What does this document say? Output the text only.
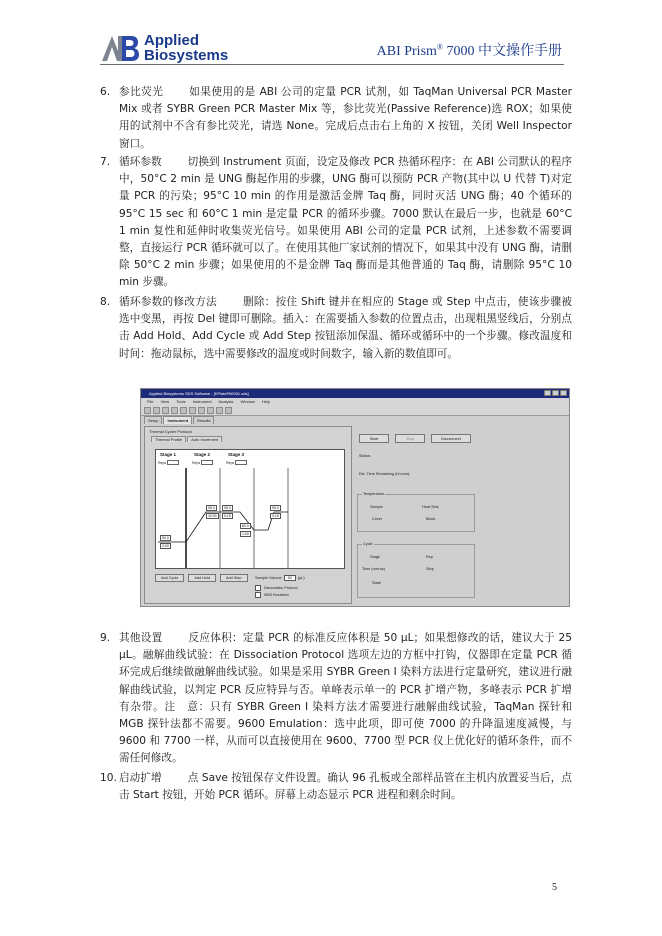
Applied
Biosystems	ABI Prism® 7000 中文操作手册
6. 参比荧光 如果使用的是 ABI 公司的定量 PCR 试剂，如 TaqMan Universal PCR Master Mix 或者 SYBR Green PCR Master Mix 等，参比荧光(Passive Reference)选 ROX；如果使用的试剂中不含有参比荧光，请选 None。完成后点击右上角的 X 按钮，关闭 Well Inspector 窗口。
7. 循环参数 切换到 Instrument 页面，设定及修改 PCR 热循环程序：在 ABI 公司默认的程序中，50°C 2 min 是 UNG 酶起作用的步骤，UNG 酶可以预防 PCR 产物(其中以 U 代替 T)对定量 PCR 的污染；95°C 10 min 的作用是激活金牌 Taq 酶，同时灭活 UNG 酶；40 个循环的 95°C 15 sec 和 60°C 1 min 是定量 PCR 的循环步骤。7000 默认在最后一步，也就是 60°C 1 min 复性和延伸时收集荧光信号。如果使用 ABI 公司的定量 PCR 试剂，上述参数不需要调整，直接运行 PCR 循环就可以了。在使用其他厂家试剂的情况下，如果其中没有 UNG 酶，请删除 50°C 2 min 步骤；如果使用的不是金牌 Taq 酶而是其他普通的 Taq 酶，请删除 95°C 10 min 步骤。
8. 循环参数的修改方法 删除：按住 Shift 键并在相应的 Stage 或 Step 中点击，使该步骤被选中变黑，再按 Del 键即可删除。插入：在需要插入参数的位置点击，出现粗黑竖线后，分别点击 Add Hold、Add Cycle 或 Add Step 按钮添加保温、循环或循环中的一个步骤。修改温度和时间：拖动鼠标，选中需要修改的温度或时间数字，输入新的数值即可。
Applied Biosystems SDS Software - [KPlatePlt0001.sds]
File View Tools Instrument Analysis Window Help
Setup	Instrument	Results
Thermal Cycler Protocol
Thermal Profile	Auto Increment
Stage 1	Stage 2	Stage 3
Reps	Reps	Reps
50.0
2:00
95.0
10:00
95.0
0:15
60.0
1:00
95.0
0:15
Add Cycle	Add Hold	Add Step	Sample Volume	50	(µL)
Dissociation Protocol
9600 Emulation
Start	Stop	Disconnect
Status:
Est. Time Remaining (hh:mm):
Temperature
Sample	Heat Sink
Cover	Block
Cycle
Stage	Rep
Time (mm:ss)	Step
State
9. 其他设置 反应体积：定量 PCR 的标准反应体积是 50 µL；如果想修改的话，建议大于 25 µL。融解曲线试验：在 Dissociation Protocol 选项左边的方框中打钩，仪器即在定量 PCR 循环完成后继续做融解曲线试验。如果是采用 SYBR Green I 染料方法进行定量研究，建议进行融解曲线试验，以判定 PCR 反应特异与否。单峰表示单一的 PCR 扩增产物，多峰表示 PCR 扩增有杂带。注　意：只有 SYBR Green I 染料方法才需要进行融解曲线试验，TaqMan 探针和 MGB 探针法都不需要。9600 Emulation：选中此项，即可使 7000 的升降温速度减慢，与 9600 和 7700 一样，从而可以直接使用在 9600、7700 型 PCR 仪上优化好的循环条件，而不需任何修改。
10. 启动扩增 点 Save 按钮保存文件设置。确认 96 孔板或全部样品管在主机内放置妥当后，点击 Start 按钮，开始 PCR 循环。屏幕上动态显示 PCR 进程和剩余时间。
5
